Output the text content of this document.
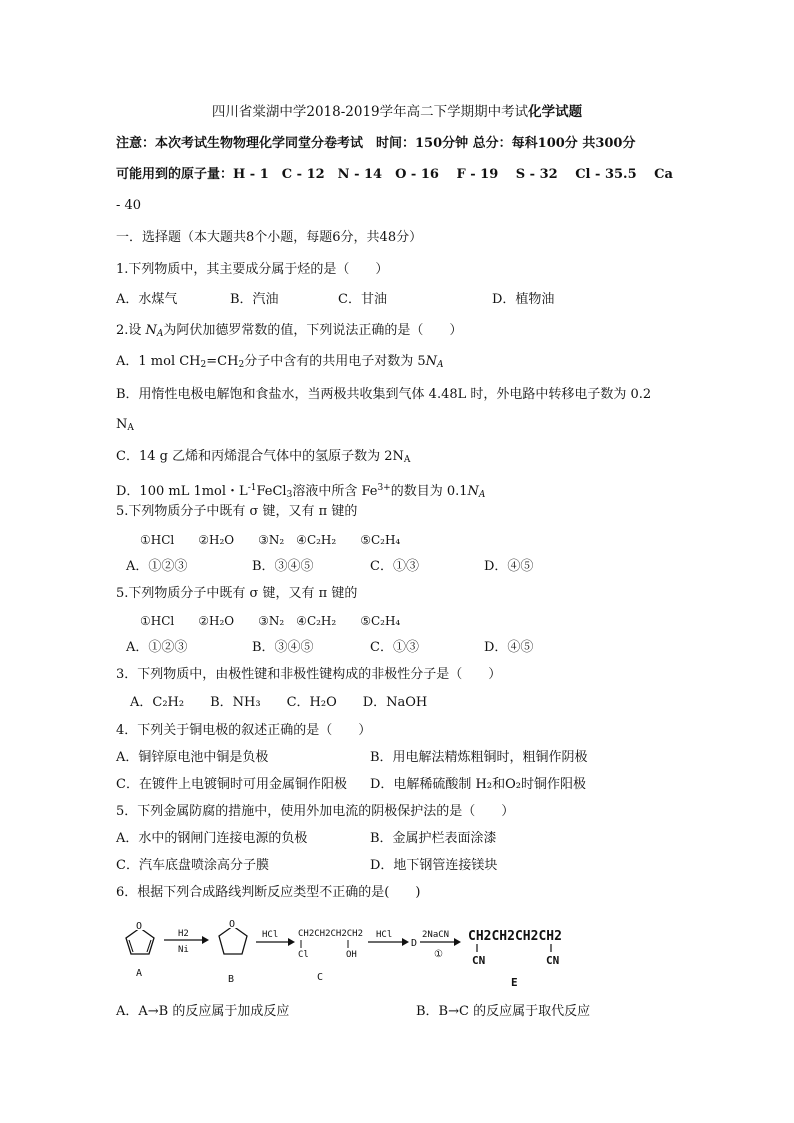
四川省棠湖中学2018-2019学年高二下学期期中考试化学试题
注意：本次考试生物物理化学同堂分卷考试　时间：150分钟 总分：每科100分 共300分
可能用到的原子量：H - 1　C - 12　N - 14　O - 16　 F - 19　 S - 32　 Cl - 35.5　 Ca
- 40
一．选择题（本大题共8个小题，每题6分，共48分）
1.下列物质中，其主要成分属于烃的是（　　）
A．水煤气	B．汽油	C．甘油	D．植物油
2.设 $N_A$为阿伏加德罗常数的值，下列说法正确的是（　　）
A．1 mol $CH_2=CH_2$分子中含有的共用电子对数为 $5N_A$
B．用惰性电极电解饱和食盐水，当两极共收集到气体 4.48L 时，外电路中转移电子数为 0.2
$N_A$
C．14 g 乙烯和丙烯混合气体中的氢原子数为 $2N_A$
D．100 mL 1mol・$L^{-1}FeCl_3$溶液中所含 $Fe^{3+}$的数目为 $0.1N_A$
5.下列物质分子中既有 σ 键，又有 π 键的
①HCl　　②H₂O　　③N₂　④C₂H₂　　⑤C₂H₄
A．①②③	B．③④⑤	C．①③	D．④⑤
5.下列物质分子中既有 σ 键，又有 π 键的
①HCl　　②H₂O　　③N₂　④C₂H₂　　⑤C₂H₄
A．①②③	B．③④⑤	C．①③	D．④⑤
3．下列物质中，由极性键和非极性键构成的非极性分子是（　　）
A．C₂H₂　　B．NH₃　　C．H₂O　　D．NaOH
4．下列关于铜电极的叙述正确的是（　　）
A．铜锌原电池中铜是负极	B．用电解法精炼粗铜时，粗铜作阴极
C．在镀件上电镀铜时可用金属铜作阳极 D．电解稀硫酸制 H₂和O₂时铜作阳极
5．下列金属防腐的措施中，使用外加电流的阴极保护法的是（　　）
A．水中的钢闸门连接电源的负极	B．金属护栏表面涂漆
C．汽车底盘喷涂高分子膜	D．地下钢管连接镁块
6．根据下列合成路线判断反应类型不正确的是(　　)
O
A
H2
Ni
O
B
HCl CH2CH2CH2CH2
Cl	OH
C
HCl
D
2NaCN
①
CH2CH2CH2CH2
CN	CN
E
A．A→B 的反应属于加成反应	B．B→C 的反应属于取代反应
